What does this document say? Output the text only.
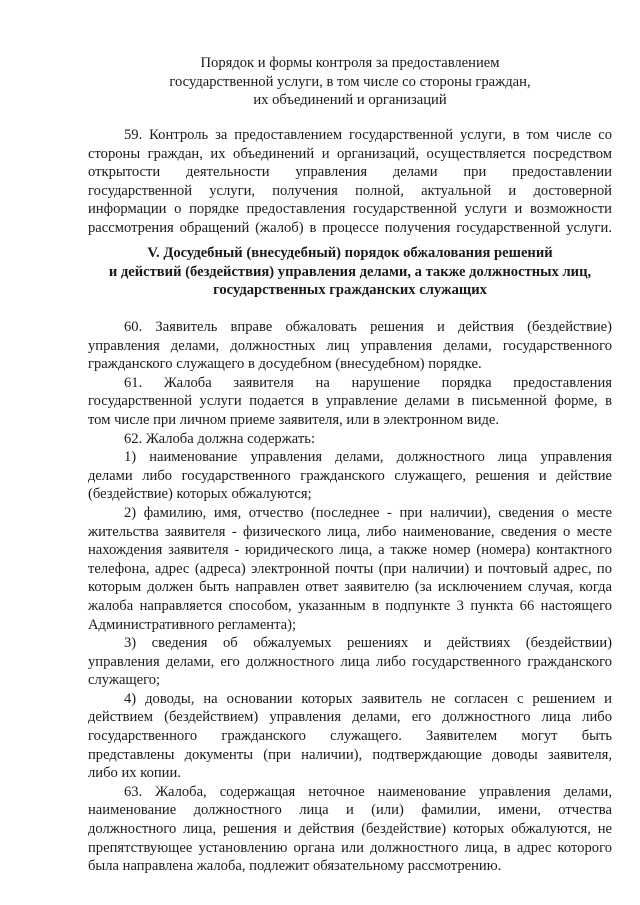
Порядок и формы контроля за предоставлением
государственной услуги, в том числе со стороны граждан,
их объединений и организаций
59. Контроль за предоставлением государственной услуги, в том числе со
стороны граждан, их объединений и организаций, осуществляется посредством
открытости деятельности управления делами при предоставлении
государственной услуги, получения полной, актуальной и достоверной
информации о порядке предоставления государственной услуги и возможности
рассмотрения обращений (жалоб) в процессе получения государственной услуги.
V. Досудебный (внесудебный) порядок обжалования решений
и действий (бездействия) управления делами, а также должностных лиц,
государственных гражданских служащих
60. Заявитель вправе обжаловать решения и действия (бездействие)
управления делами, должностных лиц управления делами, государственного
гражданского служащего в досудебном (внесудебном) порядке.
61. Жалоба заявителя на нарушение порядка предоставления
государственной услуги подается в управление делами в письменной форме, в
том числе при личном приеме заявителя, или в электронном виде.
62. Жалоба должна содержать:
1) наименование управления делами, должностного лица управления
делами либо государственного гражданского служащего, решения и действие
(бездействие) которых обжалуются;
2) фамилию, имя, отчество (последнее - при наличии), сведения о месте
жительства заявителя - физического лица, либо наименование, сведения о месте
нахождения заявителя - юридического лица, а также номер (номера) контактного
телефона, адрес (адреса) электронной почты (при наличии) и почтовый адрес, по
которым должен быть направлен ответ заявителю (за исключением случая, когда
жалоба направляется способом, указанным в подпункте 3 пункта 66 настоящего
Административного регламента);
3) сведения об обжалуемых решениях и действиях (бездействии)
управления делами, его должностного лица либо государственного гражданского
служащего;
4) доводы, на основании которых заявитель не согласен с решением и
действием (бездействием) управления делами, его должностного лица либо
государственного гражданского служащего. Заявителем могут быть
представлены документы (при наличии), подтверждающие доводы заявителя,
либо их копии.
63. Жалоба, содержащая неточное наименование управления делами,
наименование должностного лица и (или) фамилии, имени, отчества
должностного лица, решения и действия (бездействие) которых обжалуются, не
препятствующее установлению органа или должностного лица, в адрес которого
была направлена жалоба, подлежит обязательному рассмотрению.
